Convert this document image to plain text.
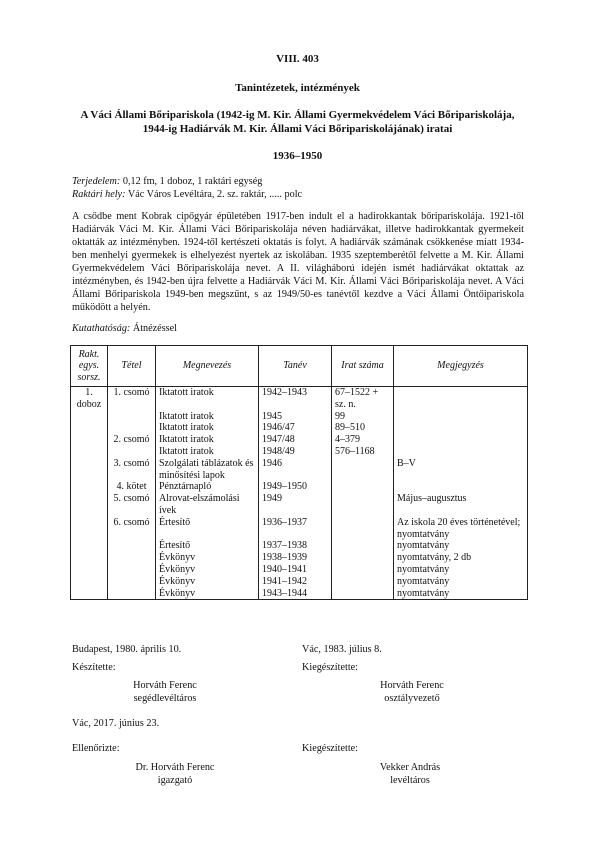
VIII. 403
Tanintézetek, intézmények
A Váci Állami Bőripariskola (1942-ig M. Kir. Állami Gyermekvédelem Váci Bőripariskolája, 1944-ig Hadiárvák M. Kir. Állami Váci Bőripariskolájának) iratai
1936–1950
Terjedelem: 0,12 fm, 1 doboz, 1 raktári egység
Raktári hely: Vác Város Levéltára, 2. sz. raktár, ..... polc
A csődbe ment Kobrak cipőgyár épületében 1917-ben indult el a hadirokkantak bőripariskolája. 1921-től Hadiárvák Váci M. Kir. Állami Váci Bőripariskolája néven hadiárvákat, illetve hadirokkantak gyermekeit oktatták az intézményben. 1924-től kertészeti oktatás is folyt. A hadiárvák számának csökkenése miatt 1934-ben menhelyi gyermekek is elhelyezést nyertek az iskolában. 1935 szeptemberétől felvette a M. Kir. Állami Gyermekvédelem Váci Bőripariskolája nevet. A II. világháború idején ismét hadiárvákat oktattak az intézményben, és 1942-ben újra felvette a Hadiárvák Váci M. Kir. Állami Váci Bőripariskolája nevet. A Váci Állami Bőripariskola 1949-ben megszűnt, s az 1949/50-es tanévtől kezdve a Váci Állami Öntőipariskola működött a helyén.
Kutathatóság: Átnézéssel
Rakt. egys. sorsz.	Tétel	Megnevezés	Tanév	Irat száma	Megjegyzés
1. doboz	1. csomó	Iktatott iratok	1942–1943	67–1522 + sz. n.	
		Iktatott iratok	1945	99	
		Iktatott iratok	1946/47	89–510	
	2. csomó	Iktatott iratok	1947/48	4–379	
		Iktatott iratok	1948/49	576–1168	
	3. csomó	Szolgálati táblázatok és minősítési lapok	1946		B–V
	4. kötet	Pénztárnapló	1949–1950		
	5. csomó	Alrovat-elszámolási ívek	1949		Május–augusztus
	6. csomó	Értesítő	1936–1937		Az iskola 20 éves történetével; nyomtatvány
		Értesítő	1937–1938		nyomtatvány
		Évkönyv	1938–1939		nyomtatvány, 2 db
		Évkönyv	1940–1941		nyomtatvány
		Évkönyv	1941–1942		nyomtatvány
		Évkönyv	1943–1944		nyomtatvány
Budapest, 1980. április 10.	Vác, 1983. július 8.
Készítette:	Kiegészítette:
Horváth Ferenc
segédlevéltáros
Horváth Ferenc
osztályvezető
Vác, 2017. június 23.
Ellenőrizte:	Kiegészítette:
Dr. Horváth Ferenc
igazgató
Vekker András
levéltáros
